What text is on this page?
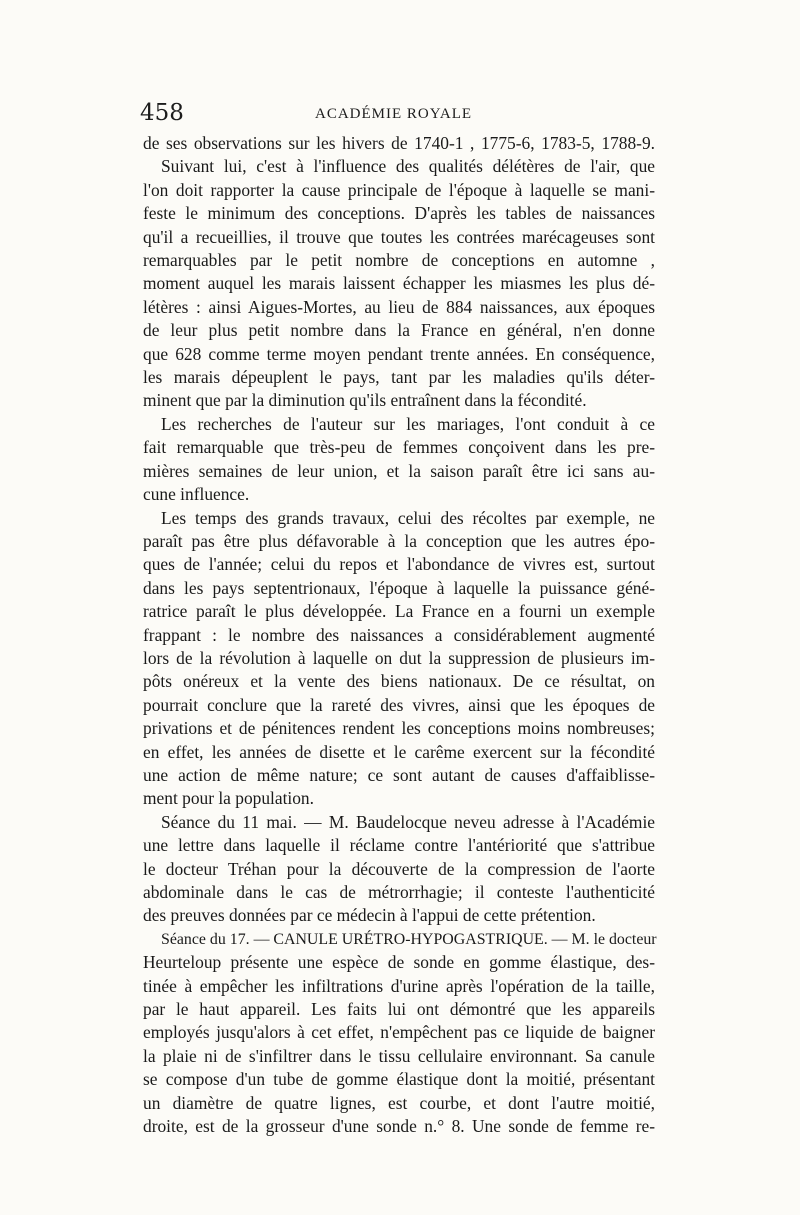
458	ACADÉMIE ROYALE
de ses observations sur les hivers de 1740-1 , 1775-6, 1783-5, 1788-9.
Suivant lui, c'est à l'influence des qualités délétères de l'air, que
l'on doit rapporter la cause principale de l'époque à laquelle se mani-
feste le minimum des conceptions. D'après les tables de naissances
qu'il a recueillies, il trouve que toutes les contrées marécageuses sont
remarquables par le petit nombre de conceptions en automne ,
moment auquel les marais laissent échapper les miasmes les plus dé-
létères : ainsi Aigues-Mortes, au lieu de 884 naissances, aux époques
de leur plus petit nombre dans la France en général, n'en donne
que 628 comme terme moyen pendant trente années. En conséquence,
les marais dépeuplent le pays, tant par les maladies qu'ils déter-
minent que par la diminution qu'ils entraînent dans la fécondité.
Les recherches de l'auteur sur les mariages, l'ont conduit à ce
fait remarquable que très-peu de femmes conçoivent dans les pre-
mières semaines de leur union, et la saison paraît être ici sans au-
cune influence.
Les temps des grands travaux, celui des récoltes par exemple, ne
paraît pas être plus défavorable à la conception que les autres épo-
ques de l'année; celui du repos et l'abondance de vivres est, surtout
dans les pays septentrionaux, l'époque à laquelle la puissance géné-
ratrice paraît le plus développée. La France en a fourni un exemple
frappant : le nombre des naissances a considérablement augmenté
lors de la révolution à laquelle on dut la suppression de plusieurs im-
pôts onéreux et la vente des biens nationaux. De ce résultat, on
pourrait conclure que la rareté des vivres, ainsi que les époques de
privations et de pénitences rendent les conceptions moins nombreuses;
en effet, les années de disette et le carême exercent sur la fécondité
une action de même nature; ce sont autant de causes d'affaiblisse-
ment pour la population.
Séance du 11 mai. — M. Baudelocque neveu adresse à l'Académie
une lettre dans laquelle il réclame contre l'antériorité que s'attribue
le docteur Tréhan pour la découverte de la compression de l'aorte
abdominale dans le cas de métrorrhagie; il conteste l'authenticité
des preuves données par ce médecin à l'appui de cette prétention.
Séance du 17. — CANULE URÉTRO-HYPOGASTRIQUE. — M. le docteur
Heurteloup présente une espèce de sonde en gomme élastique, des-
tinée à empêcher les infiltrations d'urine après l'opération de la taille,
par le haut appareil. Les faits lui ont démontré que les appareils
employés jusqu'alors à cet effet, n'empêchent pas ce liquide de baigner
la plaie ni de s'infiltrer dans le tissu cellulaire environnant. Sa canule
se compose d'un tube de gomme élastique dont la moitié, présentant
un diamètre de quatre lignes, est courbe, et dont l'autre moitié,
droite, est de la grosseur d'une sonde n.° 8. Une sonde de femme re-
